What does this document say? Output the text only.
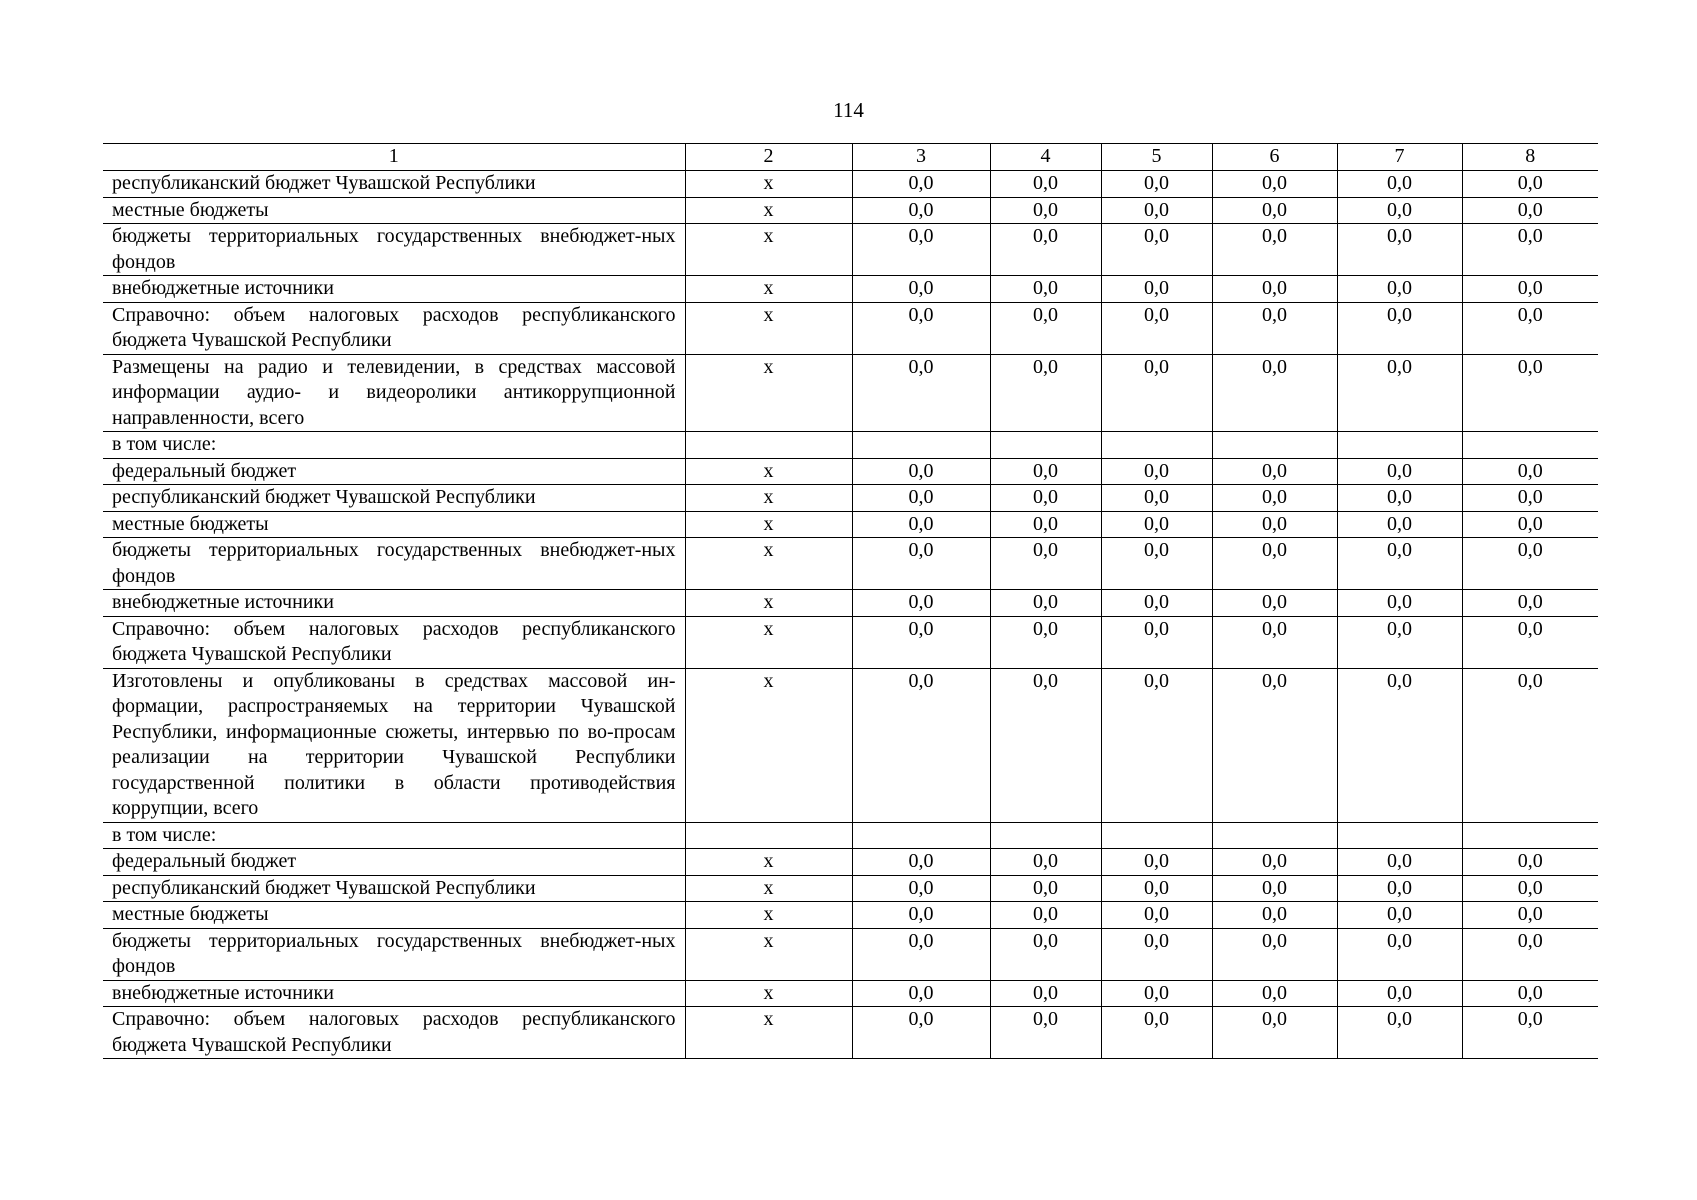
114
1	2	3	4	5	6	7	8
республиканский бюджет Чувашской Республики	х	0,0	0,0	0,0	0,0	0,0	0,0
местные бюджеты	х	0,0	0,0	0,0	0,0	0,0	0,0
бюджеты территориальных государственных внебюджет-ных фондов	х	0,0	0,0	0,0	0,0	0,0	0,0
внебюджетные источники	х	0,0	0,0	0,0	0,0	0,0	0,0
Справочно: объем налоговых расходов республиканского бюджета Чувашской Республики	х	0,0	0,0	0,0	0,0	0,0	0,0
Размещены на радио и телевидении, в средствах массовой информации аудио- и видеоролики антикоррупционной направленности, всего	х	0,0	0,0	0,0	0,0	0,0	0,0
в том числе:							
федеральный бюджет	х	0,0	0,0	0,0	0,0	0,0	0,0
республиканский бюджет Чувашской Республики	х	0,0	0,0	0,0	0,0	0,0	0,0
местные бюджеты	х	0,0	0,0	0,0	0,0	0,0	0,0
бюджеты территориальных государственных внебюджет-ных фондов	х	0,0	0,0	0,0	0,0	0,0	0,0
внебюджетные источники	х	0,0	0,0	0,0	0,0	0,0	0,0
Справочно: объем налоговых расходов республиканского бюджета Чувашской Республики	х	0,0	0,0	0,0	0,0	0,0	0,0
Изготовлены и опубликованы в средствах массовой ин-формации, распространяемых на территории Чувашской Республики, информационные сюжеты, интервью по во-просам реализации на территории Чувашской Республики государственной политики в области противодействия коррупции, всего	х	0,0	0,0	0,0	0,0	0,0	0,0
в том числе:							
федеральный бюджет	х	0,0	0,0	0,0	0,0	0,0	0,0
республиканский бюджет Чувашской Республики	х	0,0	0,0	0,0	0,0	0,0	0,0
местные бюджеты	х	0,0	0,0	0,0	0,0	0,0	0,0
бюджеты территориальных государственных внебюджет-ных фондов	х	0,0	0,0	0,0	0,0	0,0	0,0
внебюджетные источники	х	0,0	0,0	0,0	0,0	0,0	0,0
Справочно: объем налоговых расходов республиканского бюджета Чувашской Республики	х	0,0	0,0	0,0	0,0	0,0	0,0
